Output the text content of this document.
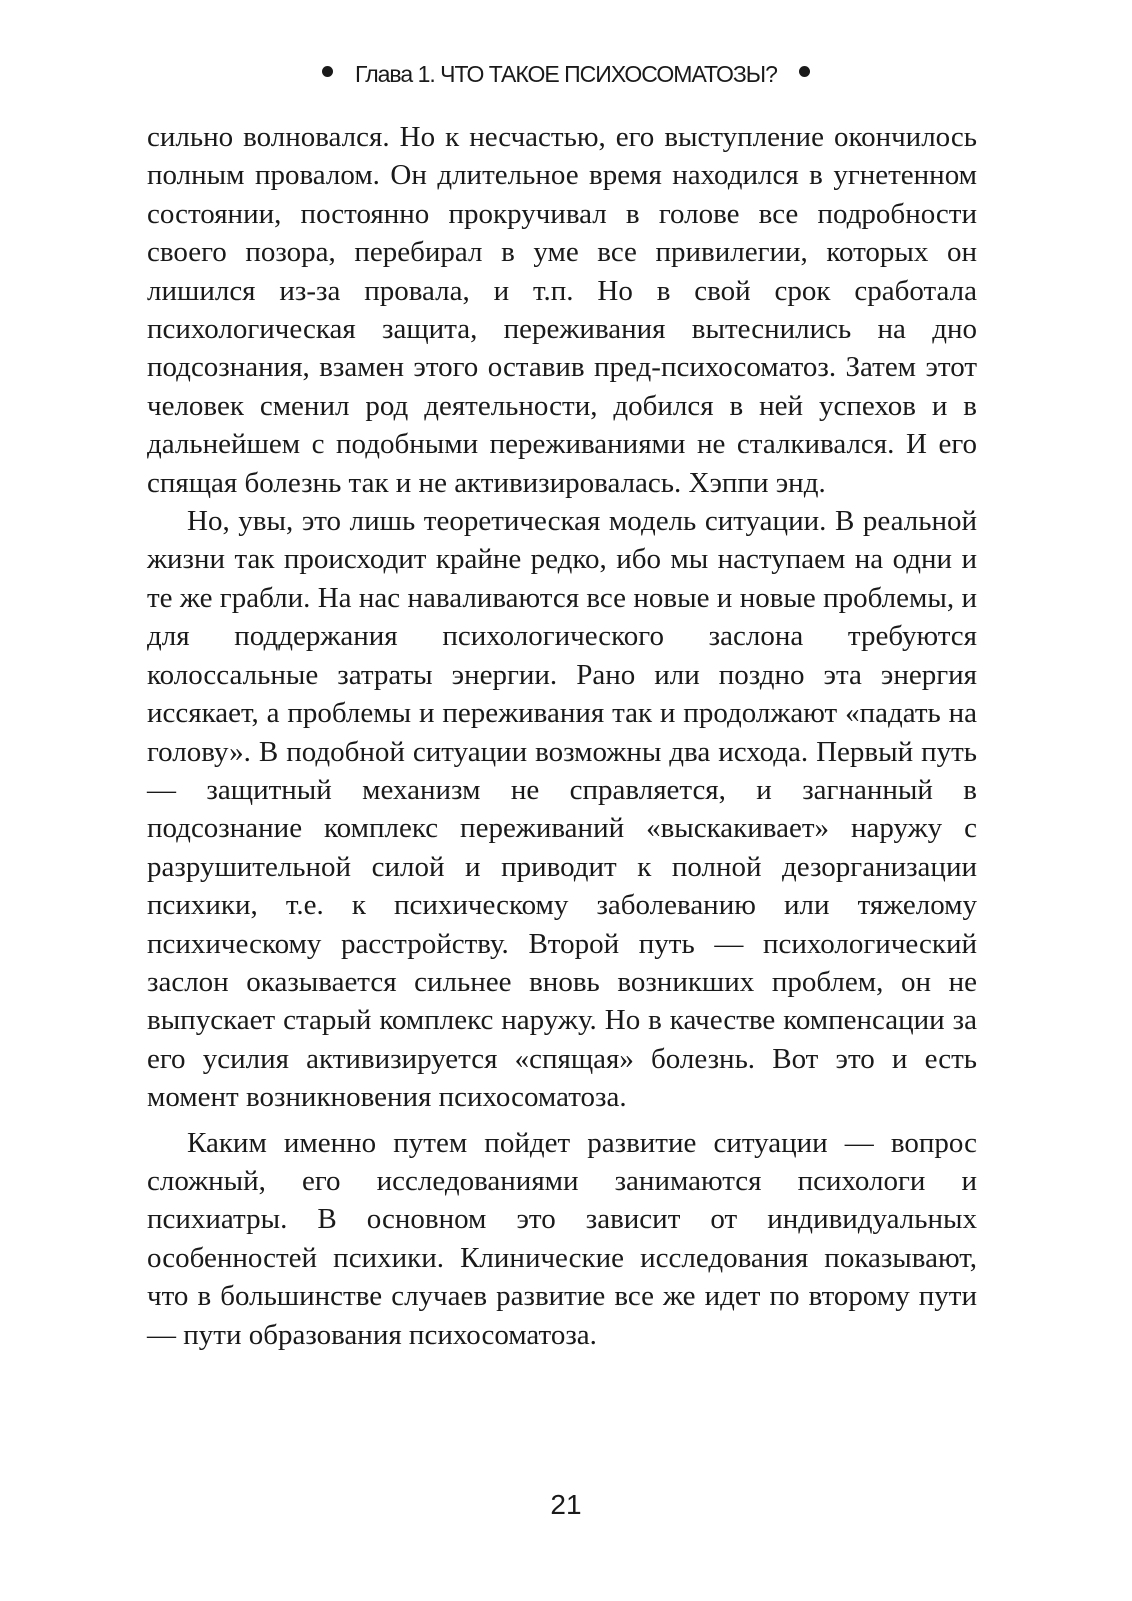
Глава 1. ЧТО ТАКОЕ ПСИХОСОМАТОЗЫ?

сильно волновался. Но к несчастью, его выступление окончилось полным провалом. Он длительное время находился в угнетенном состоянии, постоянно прокручивал в голове все подробности своего позора, перебирал в уме все привилегии, которых он лишился из-за провала, и т.п. Но в свой срок сработала психологическая защита, переживания вытеснились на дно подсознания, взамен этого оставив пред-психосоматоз. Затем этот человек сменил род деятельности, добился в ней успехов и в дальнейшем с подобными переживаниями не сталкивался. И его спящая болезнь так и не активизировалась. Хэппи энд.

Но, увы, это лишь теоретическая модель ситуации. В реальной жизни так происходит крайне редко, ибо мы наступаем на одни и те же грабли. На нас наваливаются все новые и новые проблемы, и для поддержания психологического заслона требуются колоссальные затраты энергии. Рано или поздно эта энергия иссякает, а проблемы и переживания так и продолжают «падать на голову». В подобной ситуации возможны два исхода. Первый путь — защитный механизм не справляется, и загнанный в подсознание комплекс переживаний «выскакивает» наружу с разрушительной силой и приводит к полной дезорганизации психики, т.е. к психическому заболеванию или тяжелому психическому расстройству. Второй путь — психологический заслон оказывается сильнее вновь возникших проблем, он не выпускает старый комплекс наружу. Но в качестве компенсации за его усилия активизируется «спящая» болезнь. Вот это и есть момент возникновения психосоматоза.

Каким именно путем пойдет развитие ситуации — вопрос сложный, его исследованиями занимаются психологи и психиатры. В основном это зависит от индивидуальных особенностей психики. Клинические исследования показывают, что в большинстве случаев развитие все же идет по второму пути — пути образования психосоматоза.

21
